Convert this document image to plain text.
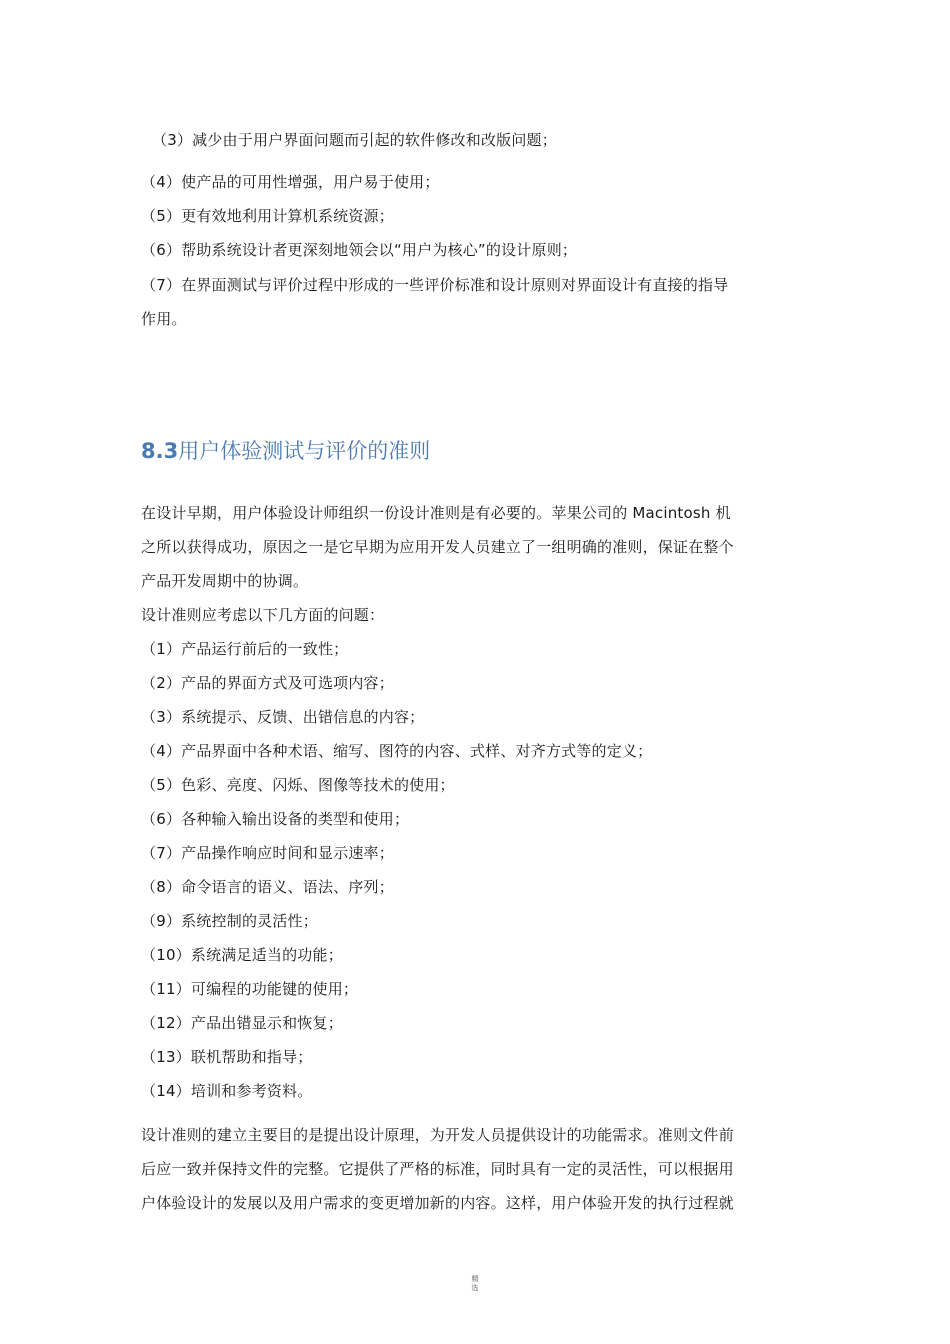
（3）减少由于用户界面问题而引起的软件修改和改版问题；
（4）使产品的可用性增强，用户易于使用；
（5）更有效地利用计算机系统资源；
（6）帮助系统设计者更深刻地领会以“用户为核心”的设计原则；
（7）在界面测试与评价过程中形成的一些评价标准和设计原则对界面设计有直接的指导
作用。
8.3用户体验测试与评价的准则
在设计早期，用户体验设计师组织一份设计准则是有必要的。苹果公司的 Macintosh 机
之所以获得成功，原因之一是它早期为应用开发人员建立了一组明确的准则，保证在整个
产品开发周期中的协调。
设计准则应考虑以下几方面的问题：
（1）产品运行前后的一致性；
（2）产品的界面方式及可选项内容；
（3）系统提示、反馈、出错信息的内容；
（4）产品界面中各种术语、缩写、图符的内容、式样、对齐方式等的定义；
（5）色彩、亮度、闪烁、图像等技术的使用；
（6）各种输入输出设备的类型和使用；
（7）产品操作响应时间和显示速率；
（8）命令语言的语义、语法、序列；
（9）系统控制的灵活性；
（10）系统满足适当的功能；
（11）可编程的功能键的使用；
（12）产品出错显示和恢复；
（13）联机帮助和指导；
（14）培训和参考资料。
设计准则的建立主要目的是提出设计原理，为开发人员提供设计的功能需求。准则文件前
后应一致并保持文件的完整。它提供了严格的标准，同时具有一定的灵活性，可以根据用
户体验设计的发展以及用户需求的变更增加新的内容。这样，用户体验开发的执行过程就
精
选
